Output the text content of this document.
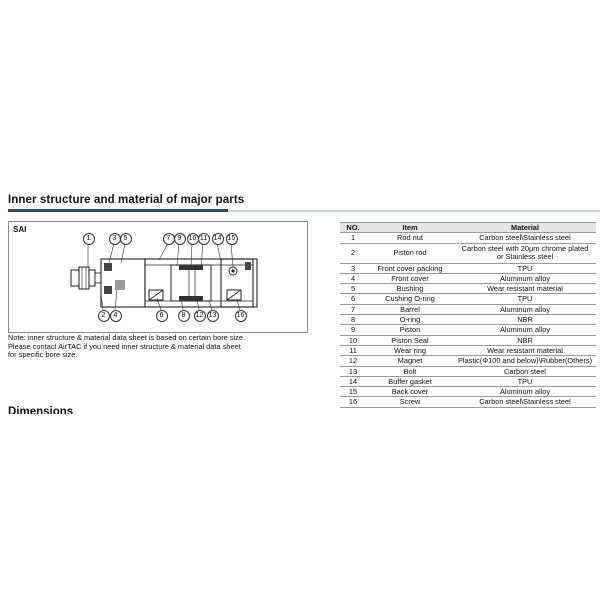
Inner structure and material of major parts
SAI
1	3	5	7	9	10 11 14 15
2	4	6	8	12 13	16
Note: inner structure & material data sheet is based on certain bore size.
Please contact AirTAC if you need inner structure & material data sheet
for specific bore size.
Dimensions
NO.	Item	Material
1	Rod nut	Carbon steel\Stainless steel

2	Piston rod	Carbon steel with 20μm chrome plated
or Stainless steel

3	Front cover packing	TPU

4	Front cover	Aluminum alloy

5	Bushing	Wear resistant material

6	Cushing O-ring	TPU

7	Barrel	Aluminum alloy

8	O-ring	NBR

9	Piston	Aluminum alloy

10	Piston Seal	NBR

11	Wear ring	Wear resistant material

12	Magnet	Plastic(Φ100 and below)\Rubber(Others)

13	Bolt	Carbon steel

14	Buffer gasket	TPU

15	Back cover	Aluminum alloy

16	Screw	Carbon steel\Stainless steel
